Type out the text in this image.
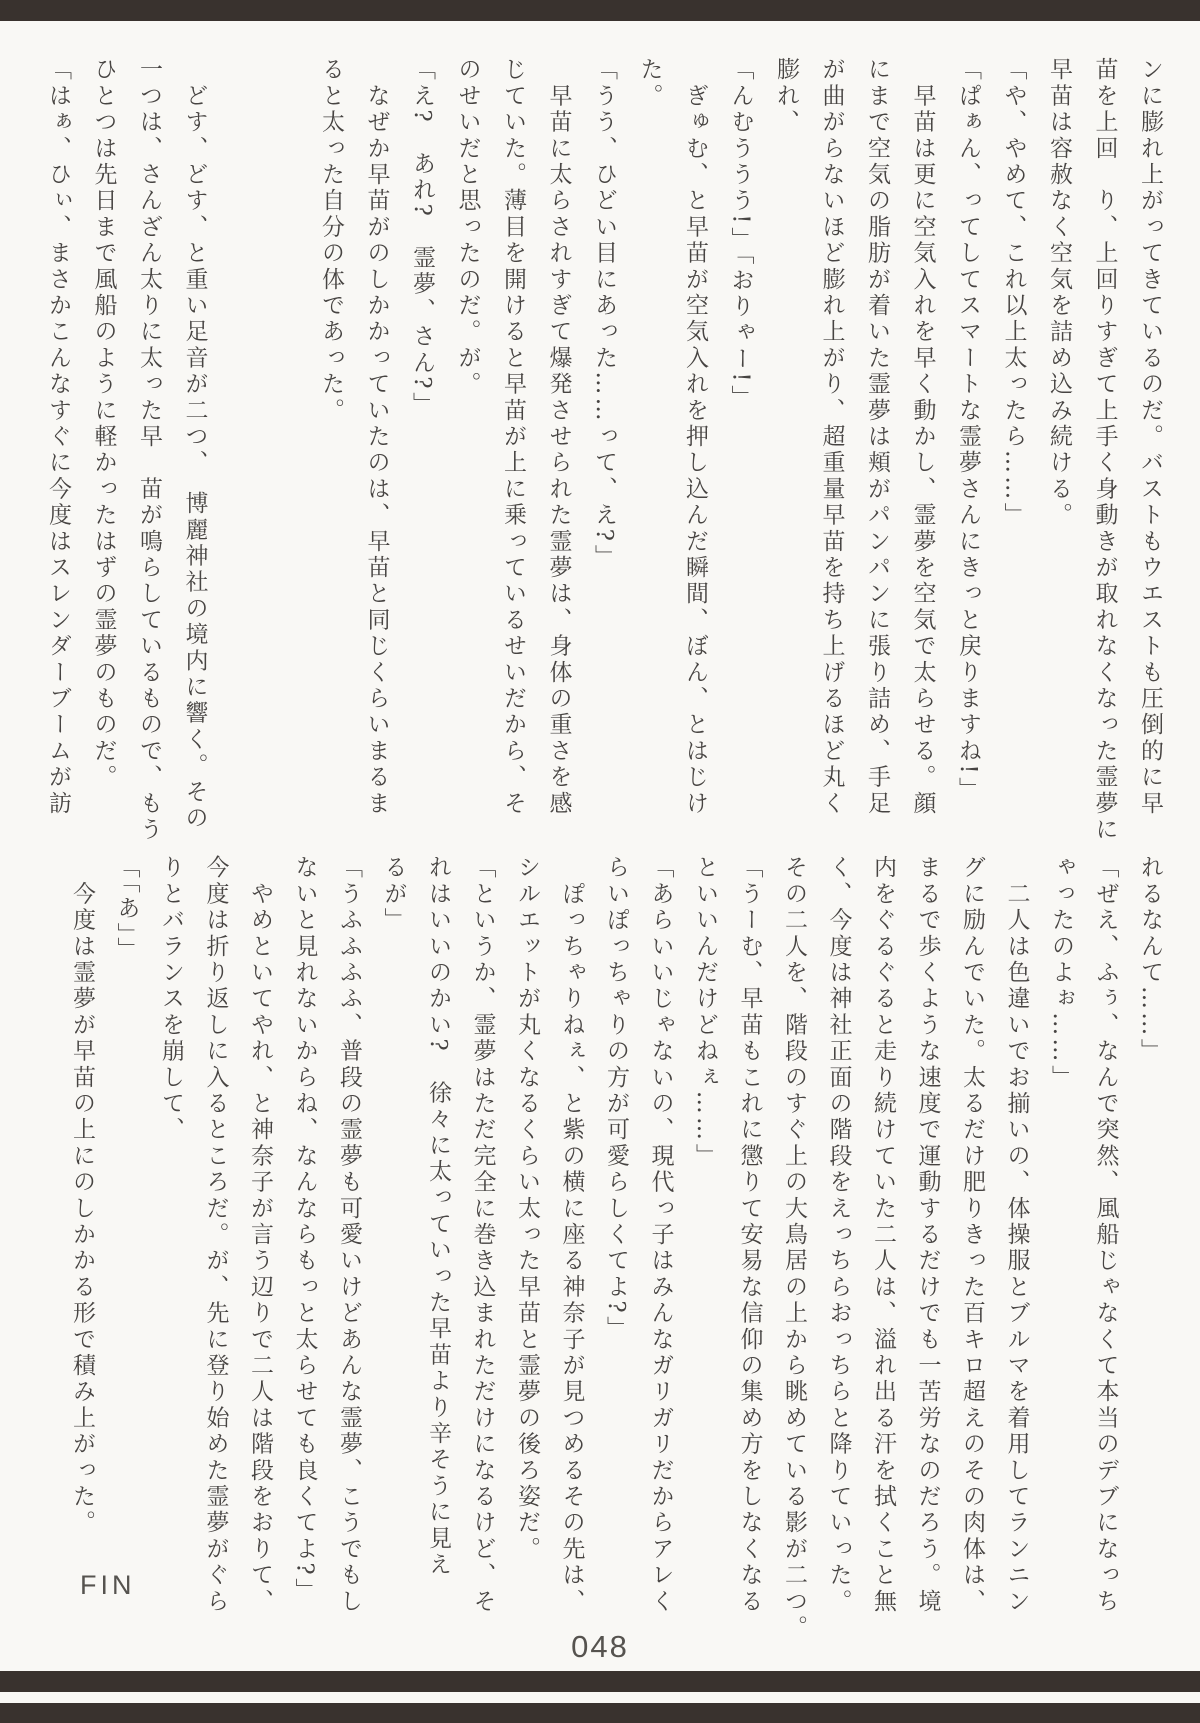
ンに膨れ上がってきているのだ。バストもウエストも圧倒的に早
苗を上回　り、上回りすぎて上手く身動きが取れなくなった霊夢に
早苗は容赦なく空気を詰め込み続ける。
「や、やめて、これ以上太ったら……」
「ぱぁん、ってしてスマートな霊夢さんにきっと戻りますね!」
　早苗は更に空気入れを早く動かし、霊夢を空気で太らせる。顔
にまで空気の脂肪が着いた霊夢は頬がパンパンに張り詰め、手足
が曲がらないほど膨れ上がり、超重量早苗を持ち上げるほど丸く
膨れ、
「んむううう!」「おりゃー!」
　ぎゅむ、と早苗が空気入れを押し込んだ瞬間、ぼん、とはじけ
た。
「うう、ひどい目にあった……って、え?」
　早苗に太らされすぎて爆発させられた霊夢は、身体の重さを感
じていた。薄目を開けると早苗が上に乗っているせいだから、そ
のせいだと思ったのだ。が。
「え?　あれ?　霊夢、さん?」
　なぜか早苗がのしかかっていたのは、早苗と同じくらいまるま
ると太った自分の体であった。
　どす、どす、と重い足音が二つ、　博麗神社の境内に響く。その
一つは、さんざん太りに太った早　苗が鳴らしているもので、もう
ひとつは先日まで風船のように軽かったはずの霊夢のものだ。
「はぁ、ひぃ、まさかこんなすぐに今度はスレンダーブームが訪
れるなんて……」
「ぜえ、ふぅ、なんで突然、風船じゃなくて本当のデブになっち
ゃったのよぉ……」
　二人は色違いでお揃いの、体操服とブルマを着用してランニン
グに励んでいた。太るだけ肥りきった百キロ超えのその肉体は、
まるで歩くような速度で運動するだけでも一苦労なのだろう。境
内をぐるぐると走り続けていた二人は、溢れ出る汗を拭くこと無
く、今度は神社正面の階段をえっちらおっちらと降りていった。
その二人を、階段のすぐ上の大鳥居の上から眺めている影が二つ。
「うーむ、早苗もこれに懲りて安易な信仰の集め方をしなくなる
といいんだけどねぇ……」
「あらいいじゃないの、現代っ子はみんなガリガリだからアレく
らいぽっちゃりの方が可愛らしくてよ?」
　ぽっちゃりねぇ、と紫の横に座る神奈子が見つめるその先は、
シルエットが丸くなるくらい太った早苗と霊夢の後ろ姿だ。
「というか、霊夢はただ完全に巻き込まれただけになるけど、そ
れはいいのかい?　徐々に太っていった早苗より辛そうに見え
るが」
「うふふふふ、普段の霊夢も可愛いけどあんな霊夢、こうでもし
ないと見れないからね、なんならもっと太らせても良くてよ?」
　やめといてやれ、と神奈子が言う辺りで二人は階段をおりて、
今度は折り返しに入るところだ。が、先に登り始めた霊夢がぐら
りとバランスを崩して、
「「あ」」
　今度は霊夢が早苗の上にのしかかる形で積み上がった。
FIN
048
